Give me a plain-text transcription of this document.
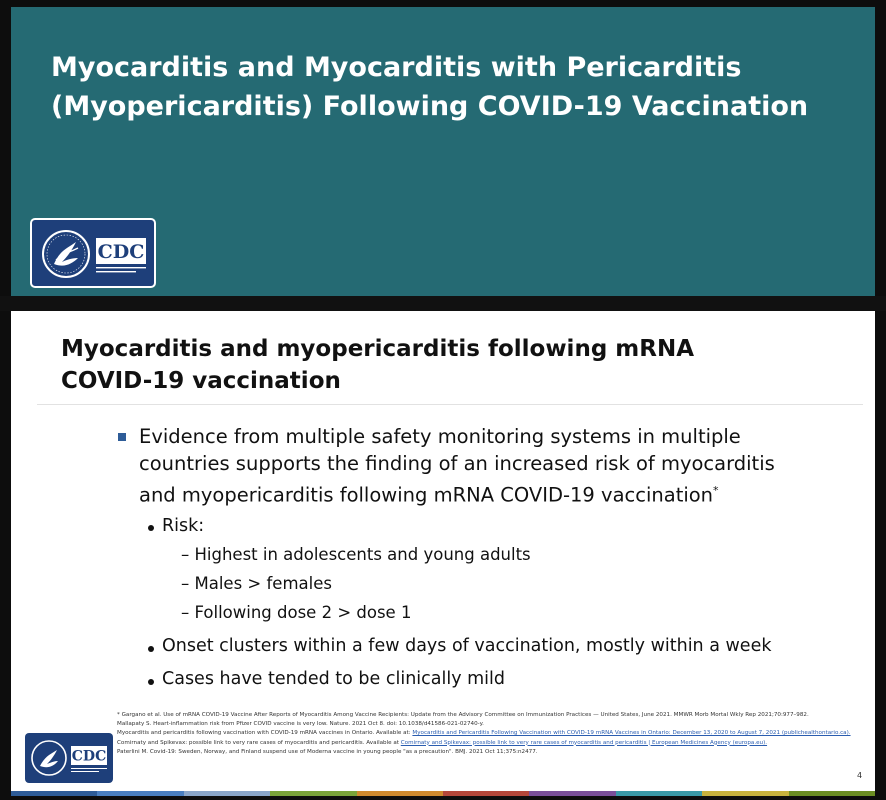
Myocarditis and Myocarditis with Pericarditis
(Myopericarditis) Following COVID-19 Vaccination
CDC
Myocarditis and myopericarditis following mRNA
COVID-19 vaccination
Evidence from multiple safety monitoring systems in multiple
countries supports the finding of an increased risk of myocarditis
and myopericarditis following mRNA COVID-19 vaccination*
Risk:
– Highest in adolescents and young adults
– Males > females
– Following dose 2 > dose 1
Onset clusters within a few days of vaccination, mostly within a week
Cases have tended to be clinically mild
* Gargano et al. Use of mRNA COVID-19 Vaccine After Reports of Myocarditis Among Vaccine Recipients: Update from the Advisory Committee on Immunization Practices — United States, June 2021. MMWR Morb Mortal Wkly Rep 2021;70:977–982.
Mallapaty S. Heart-inflammation risk from Pfizer COVID vaccine is very low. Nature. 2021 Oct 8. doi: 10.1038/d41586-021-02740-y.
Myocarditis and pericarditis following vaccination with COVID-19 mRNA vaccines in Ontario. Available at: Myocarditis and Pericarditis Following Vaccination with COVID-19 mRNA Vaccines in Ontario: December 13, 2020 to August 7, 2021 (publichealthontario.ca).
Comirnaty and Spikevax: possible link to very rare cases of myocarditis and pericarditis. Available at Comirnaty and Spikevax: possible link to very rare cases of myocarditis and pericarditis | European Medicines Agency (europa.eu).
Paterlini M. Covid-19: Sweden, Norway, and Finland suspend use of Moderna vaccine in young people "as a precaution". BMJ. 2021 Oct 11;375:n2477.
CDC
4
